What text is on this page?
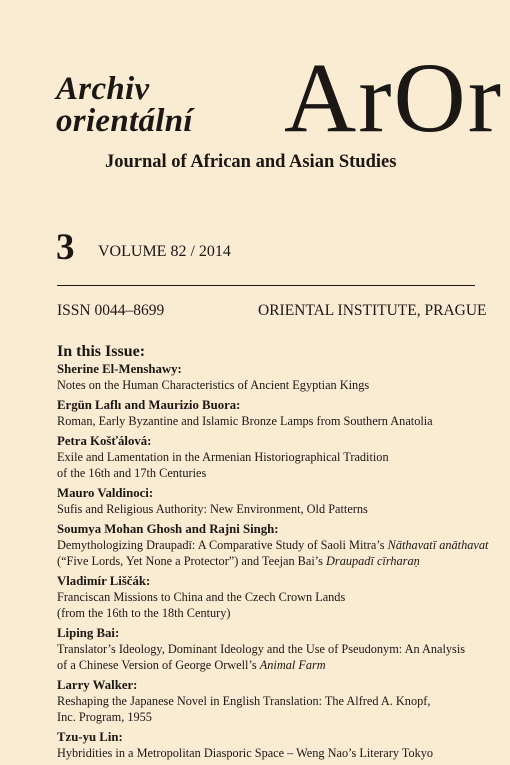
Archiv
orientální ArOr
Journal of African and Asian Studies
3 VOLUME 82 / 2014
ISSN 0044–8699	ORIENTAL INSTITUTE, PRAGUE
In this Issue:
Sherine El-Menshawy:
Notes on the Human Characteristics of Ancient Egyptian Kings
Ergün Laflı and Maurizio Buora:
Roman, Early Byzantine and Islamic Bronze Lamps from Southern Anatolia
Petra Košťálová:
Exile and Lamentation in the Armenian Historiographical Tradition
of the 16th and 17th Centuries
Mauro Valdinoci:
Sufis and Religious Authority: New Environment, Old Patterns
Soumya Mohan Ghosh and Rajni Singh:
Demythologizing Draupadī: A Comparative Study of Saoli Mitra’s Nāthavatī anāthavat
(“Five Lords, Yet None a Protector”) and Teejan Bai’s Draupadī cīrharaṇ
Vladimír Liščák:
Franciscan Missions to China and the Czech Crown Lands
(from the 16th to the 18th Century)
Liping Bai:
Translator’s Ideology, Dominant Ideology and the Use of Pseudonym: An Analysis
of a Chinese Version of George Orwell’s Animal Farm
Larry Walker:
Reshaping the Japanese Novel in English Translation: The Alfred A. Knopf,
Inc. Program, 1955
Tzu-yu Lin:
Hybridities in a Metropolitan Diasporic Space – Weng Nao’s Literary Tokyo
